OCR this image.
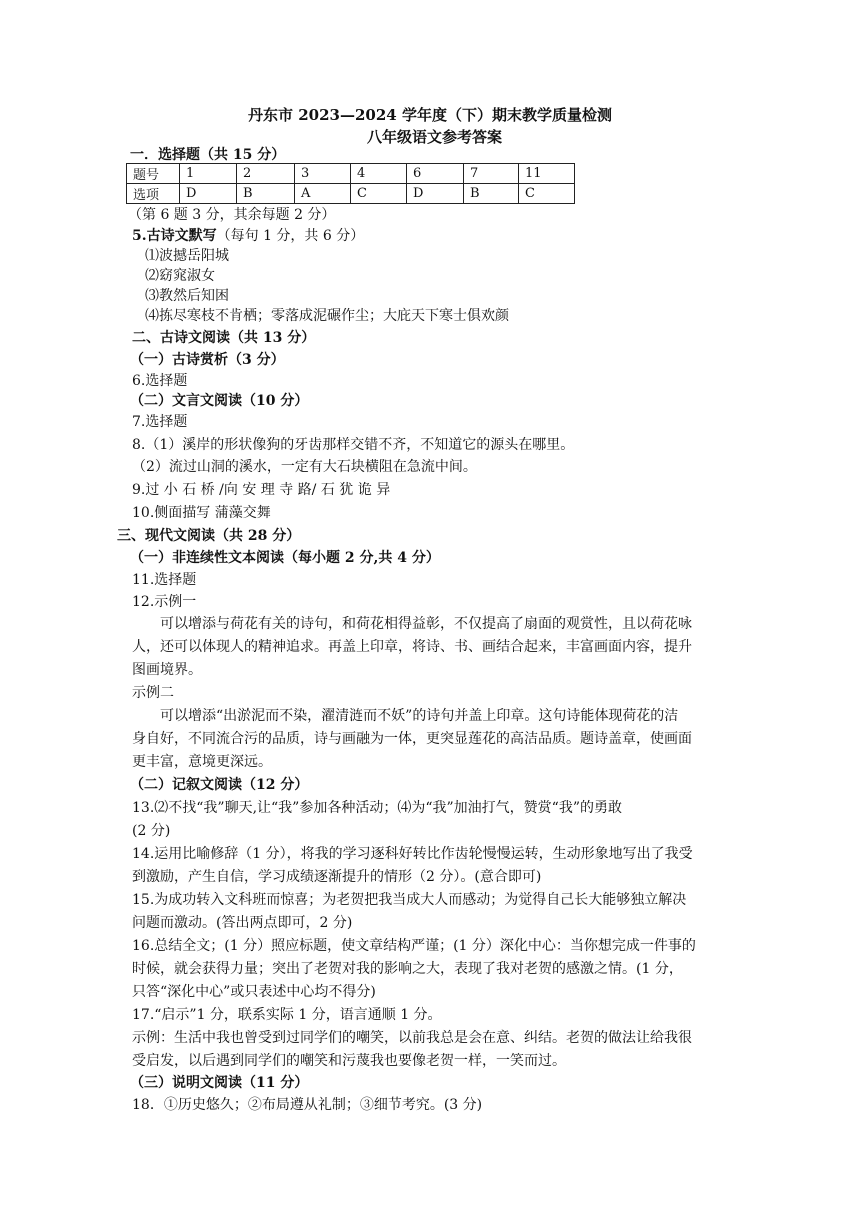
丹东市 2023—2024 学年度（下）期末教学质量检测
八年级语文参考答案
一．选择题（共 15 分）
题号	1	2	3	4	6	7	11
选项	D	B	A	C	D	B	C
（第 6 题 3 分，其余每题 2 分）
5.古诗文默写（每句 1 分，共 6 分）
⑴波撼岳阳城
⑵窈窕淑女
⑶教然后知困
⑷拣尽寒枝不肯栖；零落成泥碾作尘；大庇天下寒士俱欢颜
二、古诗文阅读（共 13 分）
（一）古诗赏析（3 分）
6.选择题
（二）文言文阅读（10 分）
7.选择题
8.（1）溪岸的形状像狗的牙齿那样交错不齐，不知道它的源头在哪里。
（2）流过山洞的溪水，一定有大石块横阻在急流中间。
9.过 小 石 桥 /向 安 理 寺 路/ 石 犹 诡 异
10.侧面描写 蒲藻交舞
三、现代文阅读（共 28 分）
（一）非连续性文本阅读（每小题 2 分,共 4 分）
11.选择题
12.示例一
可以增添与荷花有关的诗句，和荷花相得益彰，不仅提高了扇面的观赏性，且以荷花咏
人，还可以体现人的精神追求。再盖上印章，将诗、书、画结合起来，丰富画面内容，提升
图画境界。
示例二
可以增添“出淤泥而不染，濯清涟而不妖”的诗句并盖上印章。这句诗能体现荷花的洁
身自好，不同流合污的品质，诗与画融为一体，更突显莲花的高洁品质。题诗盖章，使画面
更丰富，意境更深远。
（二）记叙文阅读（12 分）
13.⑵不找“我”聊天,让“我”参加各种活动；⑷为“我”加油打气，赞赏“我”的勇敢
(2 分)
14.运用比喻修辞（1 分），将我的学习逐科好转比作齿轮慢慢运转，生动形象地写出了我受
到激励，产生自信，学习成绩逐渐提升的情形（2 分）。(意合即可)
15.为成功转入文科班而惊喜；为老贺把我当成大人而感动；为觉得自己长大能够独立解决
问题而激动。(答出两点即可，2 分)
16.总结全文；(1 分）照应标题，使文章结构严谨；(1 分）深化中心：当你想完成一件事的
时候，就会获得力量；突出了老贺对我的影响之大，表现了我对老贺的感激之情。(1 分，
只答“深化中心”或只表述中心均不得分)
17.“启示”1 分，联系实际 1 分，语言通顺 1 分。
示例：生活中我也曾受到过同学们的嘲笑，以前我总是会在意、纠结。老贺的做法让给我很
受启发，以后遇到同学们的嘲笑和污蔑我也要像老贺一样，一笑而过。
（三）说明文阅读（11 分）
18．①历史悠久；②布局遵从礼制；③细节考究。(3 分)
